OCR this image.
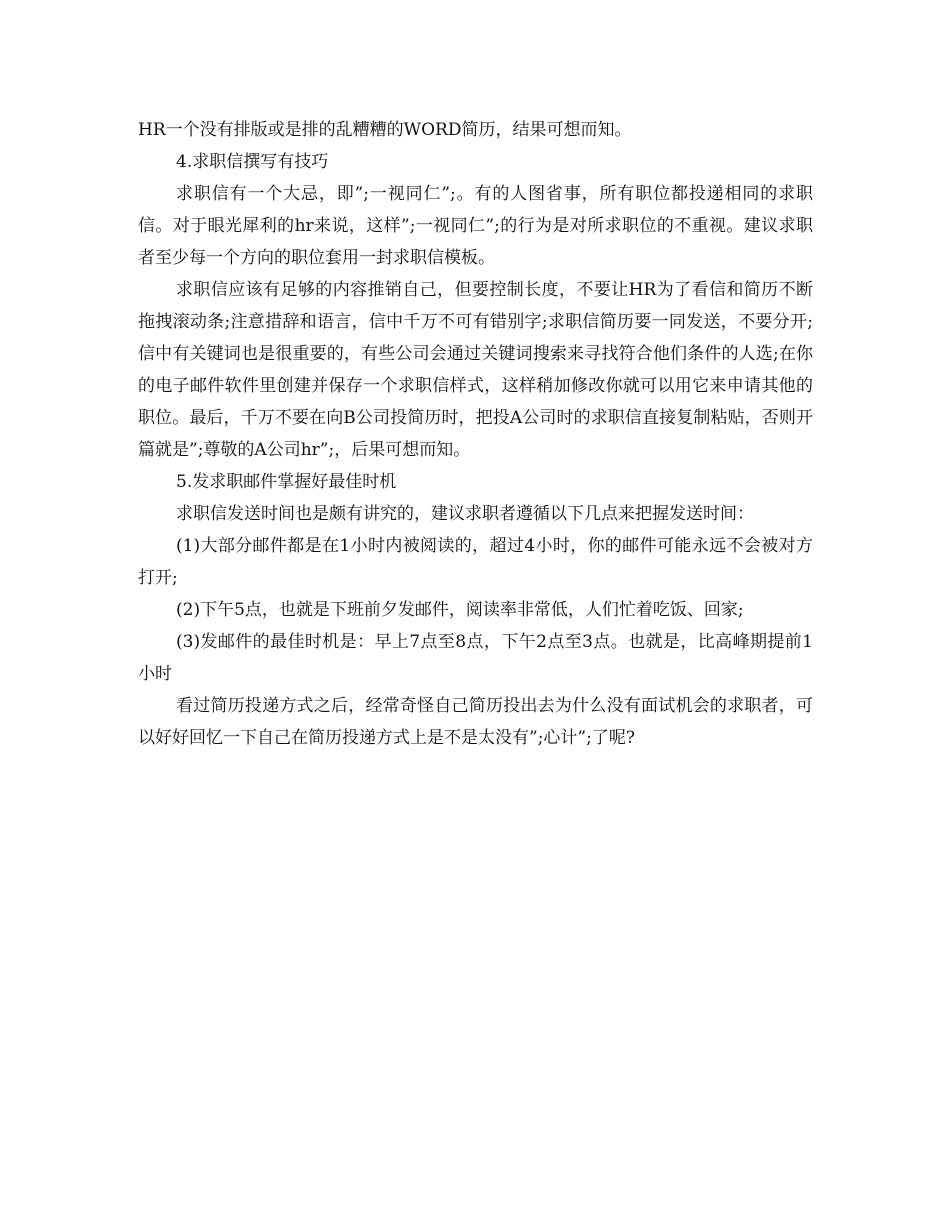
HR一个没有排版或是排的乱糟糟的WORD简历，结果可想而知。

4.求职信撰写有技巧

求职信有一个大忌，即”;一视同仁”;。有的人图省事，所有职位都投递相同的求职信。对于眼光犀利的hr来说，这样”;一视同仁”;的行为是对所求职位的不重视。建议求职者至少每一个方向的职位套用一封求职信模板。

求职信应该有足够的内容推销自己，但要控制长度，不要让HR为了看信和简历不断拖拽滚动条;注意措辞和语言，信中千万不可有错别字;求职信简历要一同发送，不要分开;信中有关键词也是很重要的，有些公司会通过关键词搜索来寻找符合他们条件的人选;在你的电子邮件软件里创建并保存一个求职信样式，这样稍加修改你就可以用它来申请其他的职位。最后，千万不要在向B公司投简历时，把投A公司时的求职信直接复制粘贴，否则开篇就是”;尊敬的A公司hr”;，后果可想而知。

5.发求职邮件掌握好最佳时机

求职信发送时间也是颇有讲究的，建议求职者遵循以下几点来把握发送时间：

(1)大部分邮件都是在1小时内被阅读的，超过4小时，你的邮件可能永远不会被对方打开;

(2)下午5点，也就是下班前夕发邮件，阅读率非常低，人们忙着吃饭、回家;

(3)发邮件的最佳时机是：早上7点至8点，下午2点至3点。也就是，比高峰期提前1小时

看过简历投递方式之后，经常奇怪自己简历投出去为什么没有面试机会的求职者，可以好好回忆一下自己在简历投递方式上是不是太没有”;心计”;了呢?
